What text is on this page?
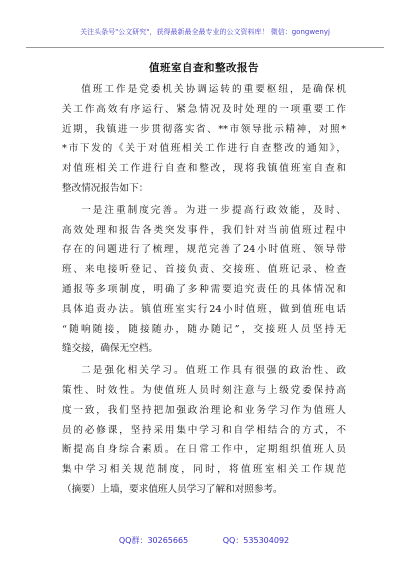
关注头条号"公文研究"，获得最新最全最专业的公文资料库！ 微信：gongwenyj
值班室自查和整改报告
值班工作是党委机关协调运转的重要枢纽，是确保机
关工作高效有序运行、紧急情况及时处理的一项重要工作
近期，我镇进一步贯彻落实省、**市领导批示精神，对照*
*市下发的《关于对值班相关工作进行自查整改的通知》，
对值班相关工作进行自查和整改，现将我镇值班室自查和
整改情况报告如下：
一是注重制度完善。为进一步提高行政效能，及时、
高效处理和报告各类突发事件，我们针对当前值班过程中
存在的问题进行了梳理，规范完善了24小时值班、领导带
班、来电接听登记、首接负责、交接班、值班记录、检查
通报等多项制度，明确了多种需要追究责任的具体情况和
具体追责办法。镇值班室实行24小时值班，做到值班电话
“随响随接，随接随办，随办随记”，交接班人员坚持无
缝交接，确保无空档。
二是强化相关学习。值班工作具有很强的政治性、政
策性、时效性。为使值班人员时刻注意与上级党委保持高
度一致，我们坚持把加强政治理论和业务学习作为值班人
员的必修课，坚持采用集中学习和自学相结合的方式，不
断提高自身综合素质。在日常工作中，定期组织值班人员
集中学习相关规范制度，同时，将值班室相关工作规范
（摘要）上墙，要求值班人员学习了解和对照参考。
QQ群：30265665	QQ：535304092
